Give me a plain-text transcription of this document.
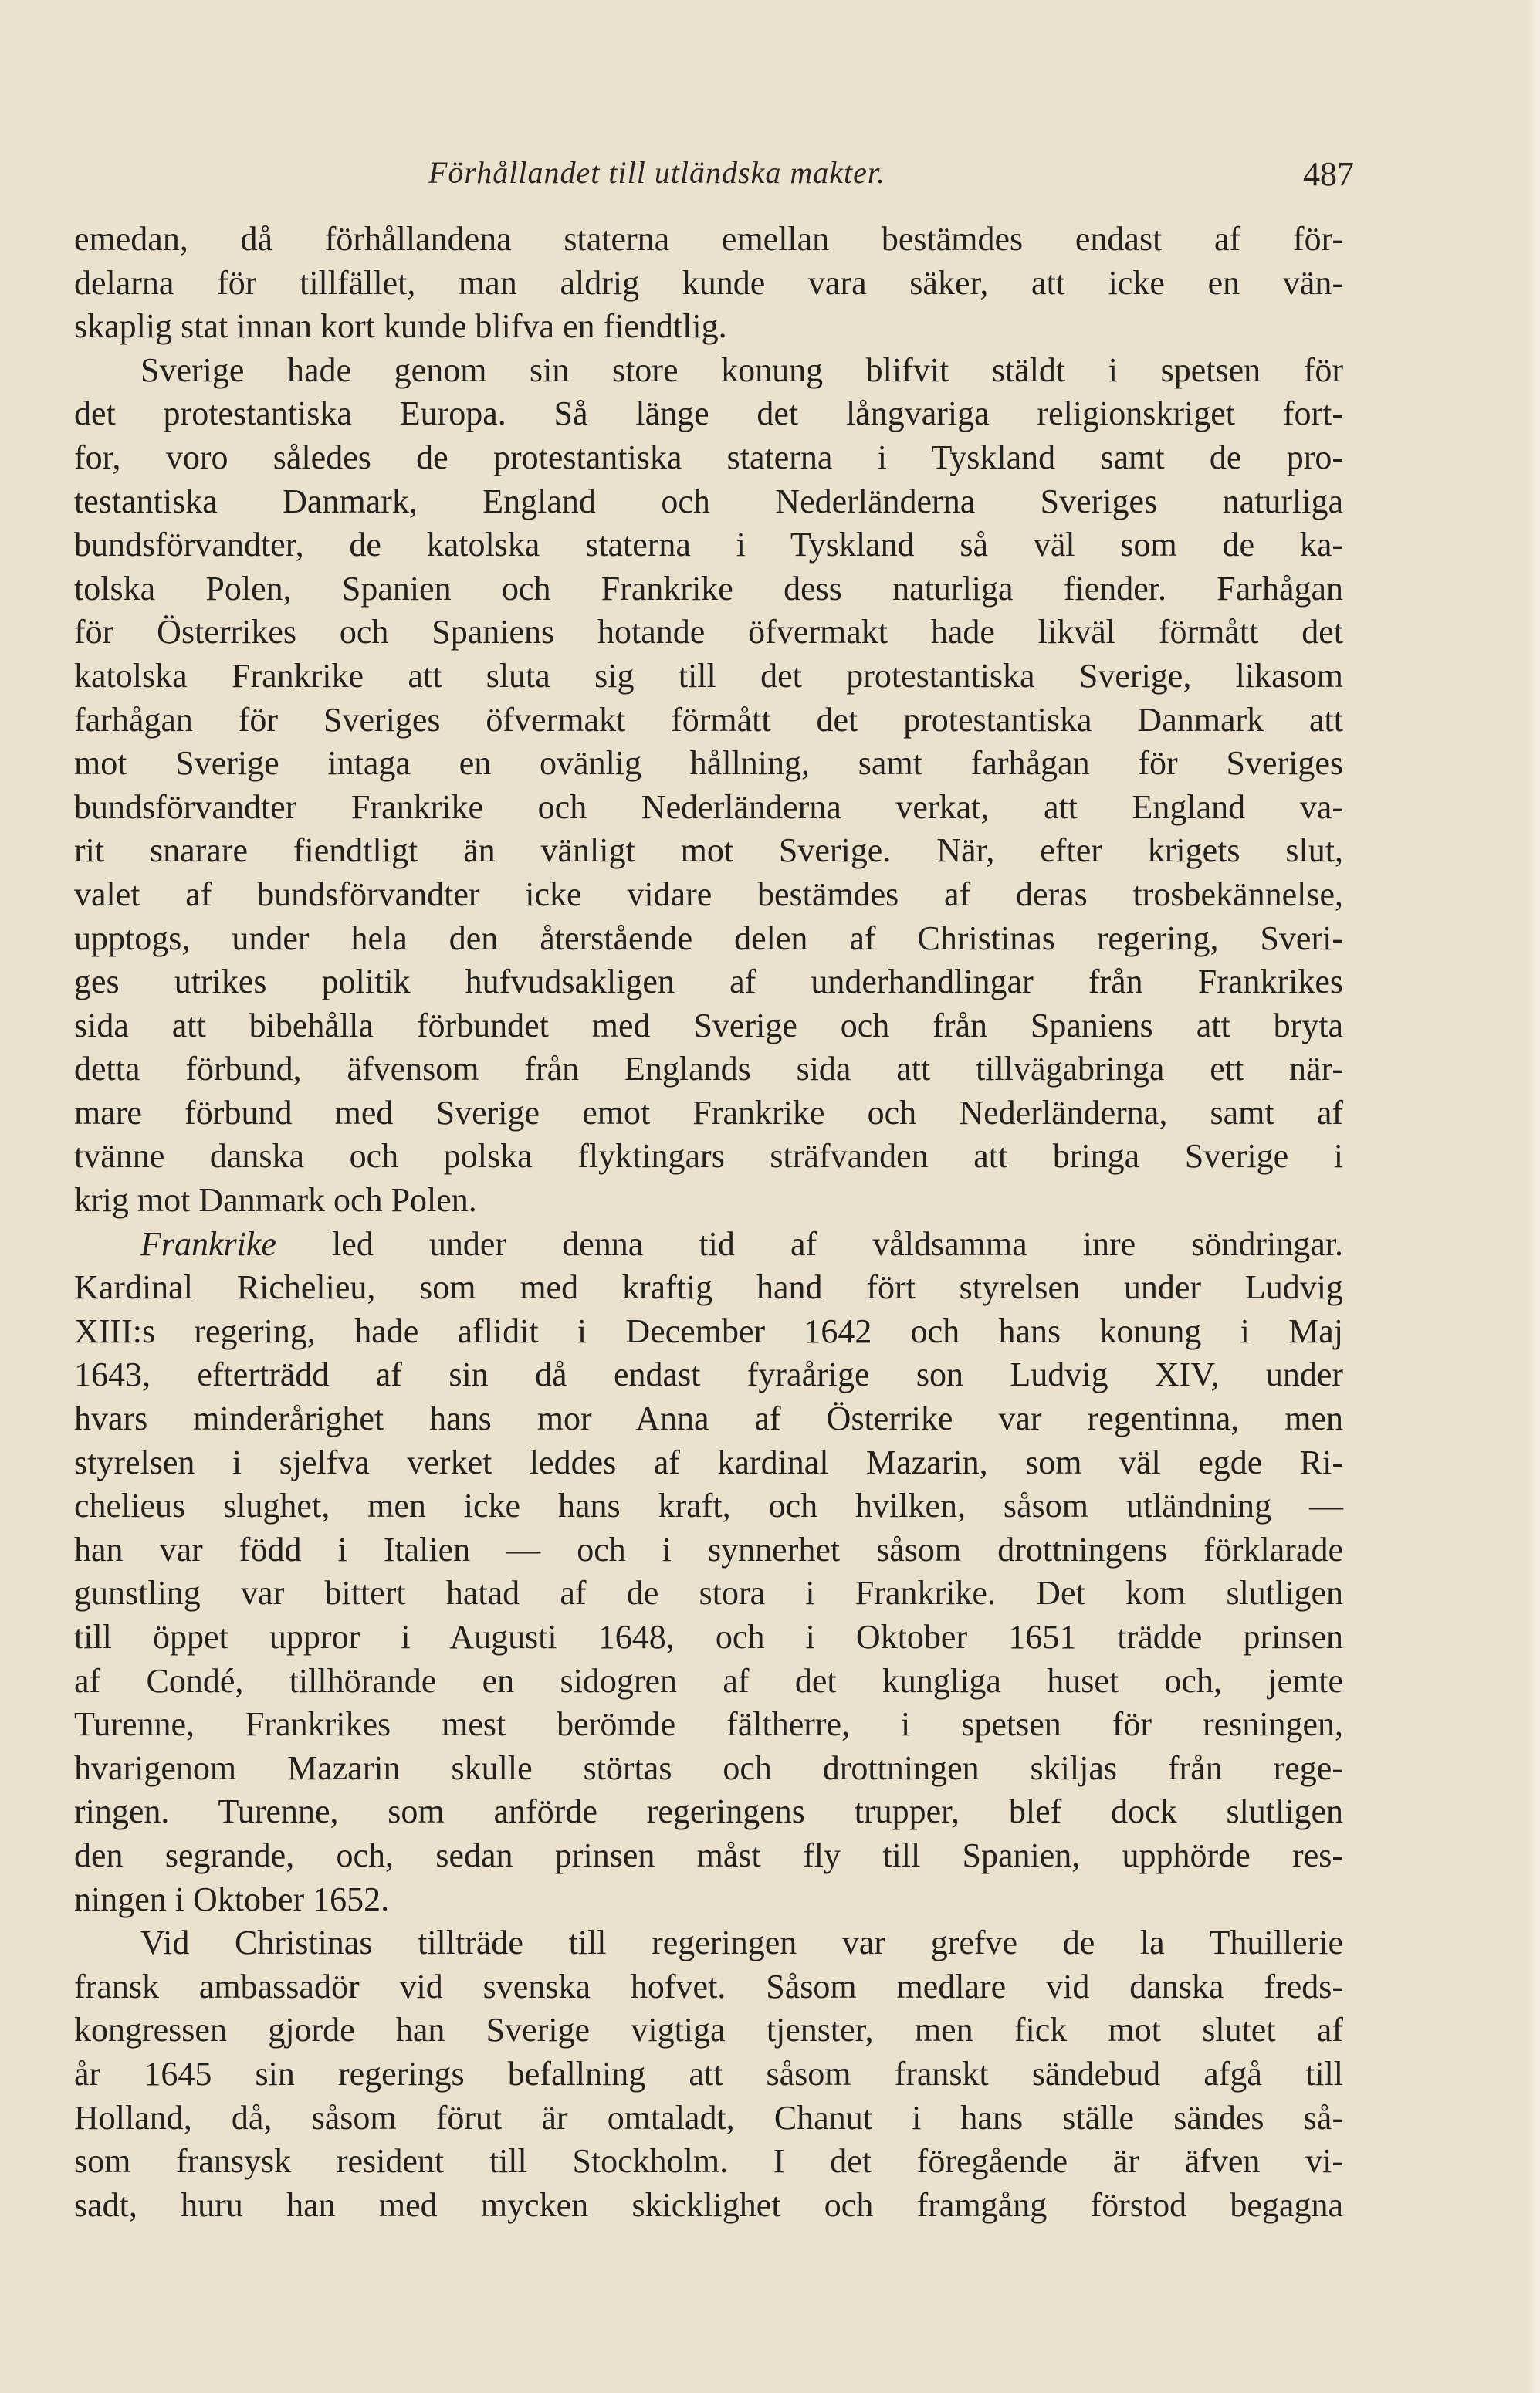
Förhållandet till utländska makter.	487
emedan, då förhållandena staterna emellan bestämdes endast af för-
delarna för tillfället, man aldrig kunde vara säker, att icke en vän-
skaplig stat innan kort kunde blifva en fiendtlig.
Sverige hade genom sin store konung blifvit stäldt i spetsen för
det protestantiska Europa. Så länge det långvariga religionskriget fort-
for, voro således de protestantiska staterna i Tyskland samt de pro-
testantiska Danmark, England och Nederländerna Sveriges naturliga
bundsförvandter, de katolska staterna i Tyskland så väl som de ka-
tolska Polen, Spanien och Frankrike dess naturliga fiender. Farhågan
för Österrikes och Spaniens hotande öfvermakt hade likväl förmått det
katolska Frankrike att sluta sig till det protestantiska Sverige, likasom
farhågan för Sveriges öfvermakt förmått det protestantiska Danmark att
mot Sverige intaga en ovänlig hållning, samt farhågan för Sveriges
bundsförvandter Frankrike och Nederländerna verkat, att England va-
rit snarare fiendtligt än vänligt mot Sverige. När, efter krigets slut,
valet af bundsförvandter icke vidare bestämdes af deras trosbekännelse,
upptogs, under hela den återstående delen af Christinas regering, Sveri-
ges utrikes politik hufvudsakligen af underhandlingar från Frankrikes
sida att bibehålla förbundet med Sverige och från Spaniens att bryta
detta förbund, äfvensom från Englands sida att tillvägabringa ett när-
mare förbund med Sverige emot Frankrike och Nederländerna, samt af
tvänne danska och polska flyktingars sträfvanden att bringa Sverige i
krig mot Danmark och Polen.
Frankrike led under denna tid af våldsamma inre söndringar.
Kardinal Richelieu, som med kraftig hand fört styrelsen under Ludvig
XIII:s regering, hade aflidit i December 1642 och hans konung i Maj
1643, efterträdd af sin då endast fyraårige son Ludvig XIV, under
hvars minderårighet hans mor Anna af Österrike var regentinna, men
styrelsen i sjelfva verket leddes af kardinal Mazarin, som väl egde Ri-
chelieus slughet, men icke hans kraft, och hvilken, såsom utländning —
han var född i Italien — och i synnerhet såsom drottningens förklarade
gunstling var bittert hatad af de stora i Frankrike. Det kom slutligen
till öppet uppror i Augusti 1648, och i Oktober 1651 trädde prinsen
af Condé, tillhörande en sidogren af det kungliga huset och, jemte
Turenne, Frankrikes mest berömde fältherre, i spetsen för resningen,
hvarigenom Mazarin skulle störtas och drottningen skiljas från rege-
ringen. Turenne, som anförde regeringens trupper, blef dock slutligen
den segrande, och, sedan prinsen måst fly till Spanien, upphörde res-
ningen i Oktober 1652.
Vid Christinas tillträde till regeringen var grefve de la Thuillerie
fransk ambassadör vid svenska hofvet. Såsom medlare vid danska freds-
kongressen gjorde han Sverige vigtiga tjenster, men fick mot slutet af
år 1645 sin regerings befallning att såsom franskt sändebud afgå till
Holland, då, såsom förut är omtaladt, Chanut i hans ställe sändes så-
som fransysk resident till Stockholm. I det föregående är äfven vi-
sadt, huru han med mycken skicklighet och framgång förstod begagna
